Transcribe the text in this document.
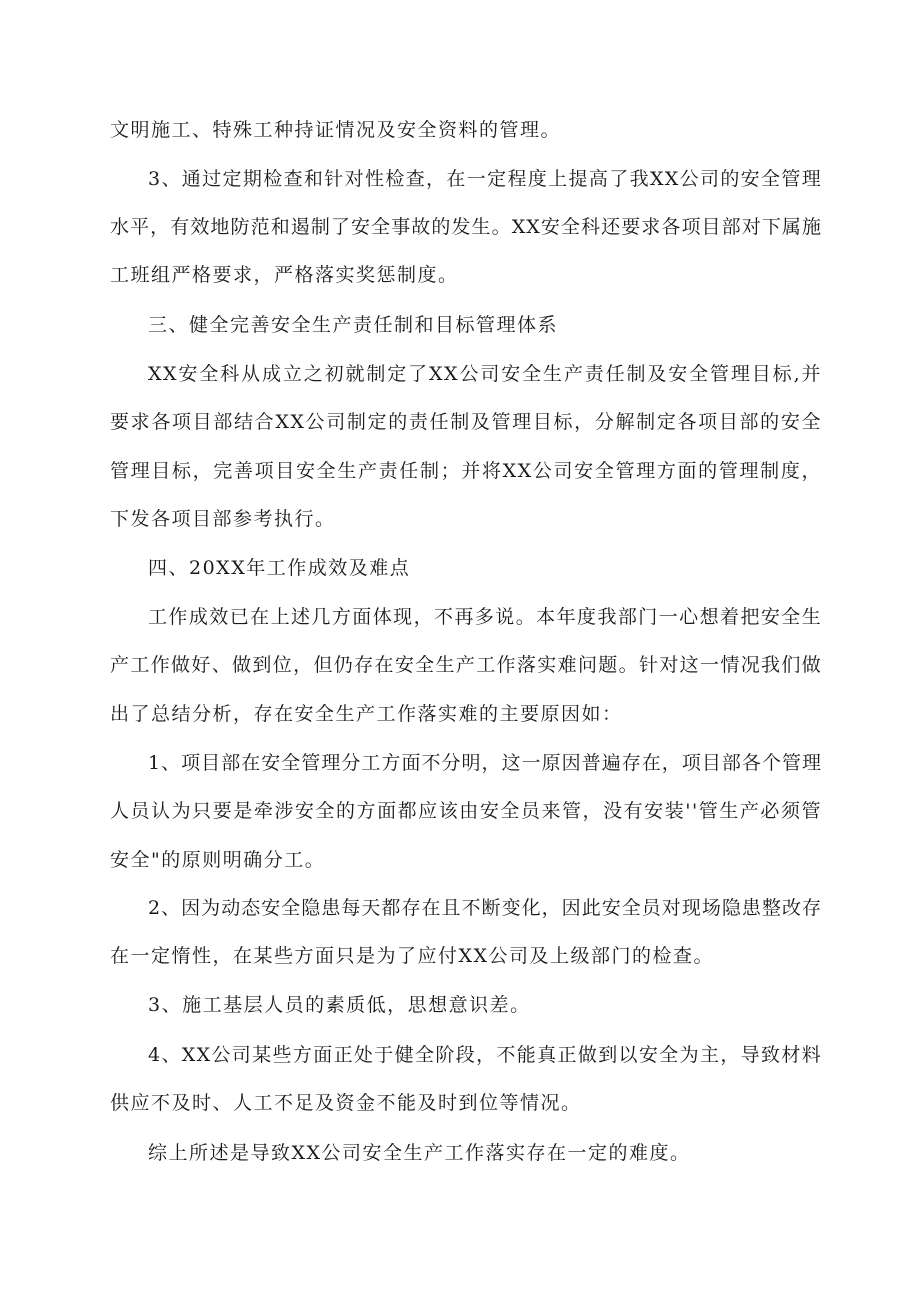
文明施工、特殊工种持证情况及安全资料的管理。
3、通过定期检查和针对性检查，在一定程度上提高了我XX公司的安全管理
水平，有效地防范和遏制了安全事故的发生。XX安全科还要求各项目部对下属施
工班组严格要求，严格落实奖惩制度。
三、健全完善安全生产责任制和目标管理体系
XX安全科从成立之初就制定了XX公司安全生产责任制及安全管理目标,并
要求各项目部结合XX公司制定的责任制及管理目标，分解制定各项目部的安全
管理目标，完善项目安全生产责任制；并将XX公司安全管理方面的管理制度，
下发各项目部参考执行。
四、20XX年工作成效及难点
工作成效已在上述几方面体现，不再多说。本年度我部门一心想着把安全生
产工作做好、做到位，但仍存在安全生产工作落实难问题。针对这一情况我们做
出了总结分析，存在安全生产工作落实难的主要原因如：
1、项目部在安全管理分工方面不分明，这一原因普遍存在，项目部各个管理
人员认为只要是牵涉安全的方面都应该由安全员来管，没有安装''管生产必须管
安全"的原则明确分工。
2、因为动态安全隐患每天都存在且不断变化，因此安全员对现场隐患整改存
在一定惰性，在某些方面只是为了应付XX公司及上级部门的检查。
3、施工基层人员的素质低，思想意识差。
4、XX公司某些方面正处于健全阶段，不能真正做到以安全为主，导致材料
供应不及时、人工不足及资金不能及时到位等情况。
综上所述是导致XX公司安全生产工作落实存在一定的难度。
